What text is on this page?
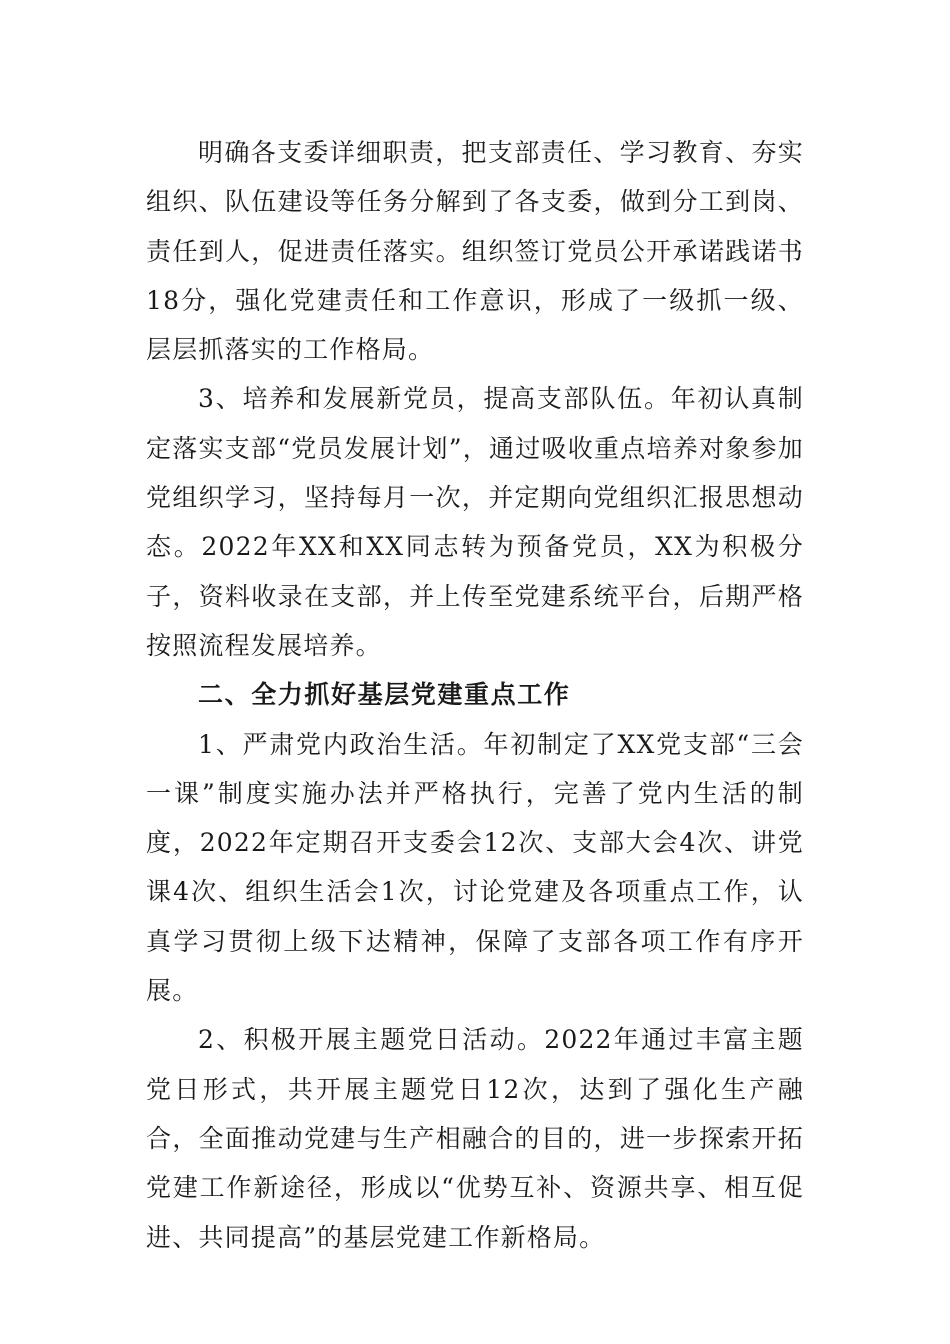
明确各支委详细职责，把支部责任、学习教育、夯实组织、队伍建设等任务分解到了各支委，做到分工到岗、责任到人，促进责任落实。组织签订党员公开承诺践诺书18分，强化党建责任和工作意识，形成了一级抓一级、层层抓落实的工作格局。

3、培养和发展新党员，提高支部队伍。年初认真制定落实支部“党员发展计划”，通过吸收重点培养对象参加党组织学习，坚持每月一次，并定期向党组织汇报思想动态。2022年XX和XX同志转为预备党员，XX为积极分子，资料收录在支部，并上传至党建系统平台，后期严格按照流程发展培养。

二、全力抓好基层党建重点工作

1、严肃党内政治生活。年初制定了XX党支部“三会一课”制度实施办法并严格执行，完善了党内生活的制度，2022年定期召开支委会12次、支部大会4次、讲党课4次、组织生活会1次，讨论党建及各项重点工作，认真学习贯彻上级下达精神，保障了支部各项工作有序开展。

2、积极开展主题党日活动。2022年通过丰富主题党日形式，共开展主题党日12次，达到了强化生产融合，全面推动党建与生产相融合的目的，进一步探索开拓党建工作新途径，形成以“优势互补、资源共享、相互促进、共同提高”的基层党建工作新格局。
